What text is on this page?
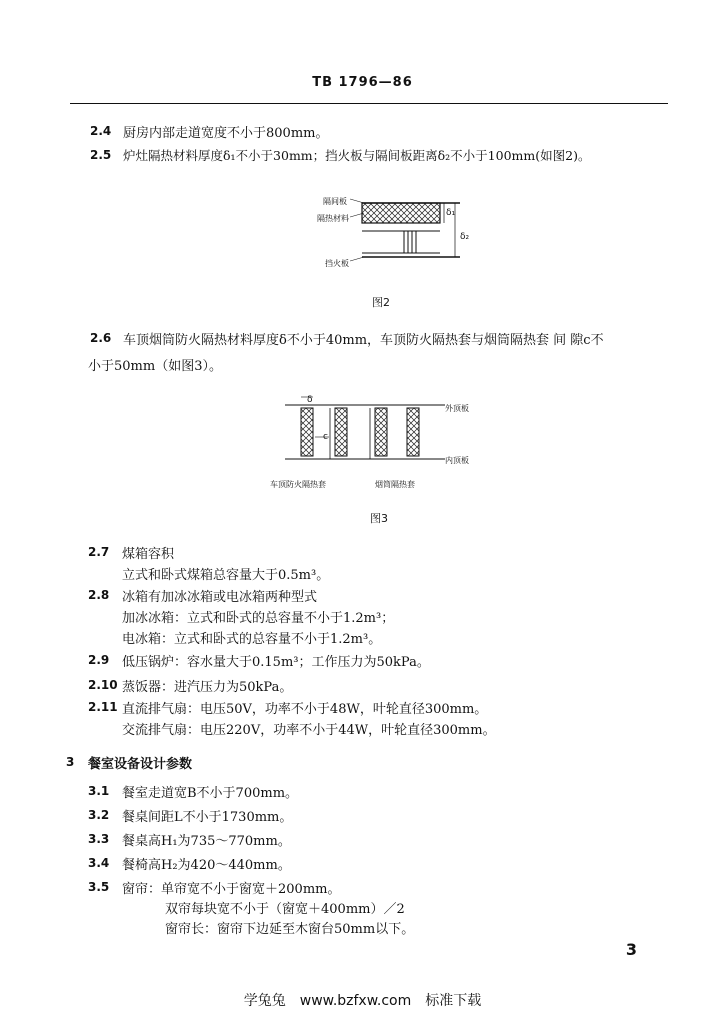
TB 1796—86
2.4 厨房内部走道宽度不小于800mm。
2.5 炉灶隔热材料厚度δ₁不小于30mm；挡火板与隔间板距离δ₂不小于100mm(如图2)。
隔间板
隔热材料
挡火板
δ₁
δ₂
图2
2.6 车顶烟筒防火隔热材料厚度δ不小于40mm，车顶防火隔热套与烟筒隔热套 间 隙c不
小于50mm（如图3）。
δ
c
外顶板
内顶板
车顶防火隔热套	烟筒隔热套
图3
2.7 煤箱容积
立式和卧式煤箱总容量大于0.5m³。
2.8 冰箱有加冰冰箱或电冰箱两种型式
加冰冰箱：立式和卧式的总容量不小于1.2m³；
电冰箱：立式和卧式的总容量不小于1.2m³。
2.9 低压锅炉：容水量大于0.15m³；工作压力为50kPa。
2.10 蒸饭器：进汽压力为50kPa。
2.11 直流排气扇：电压50V，功率不小于48W，叶轮直径300mm。
交流排气扇：电压220V，功率不小于44W，叶轮直径300mm。
3 餐室设备设计参数
3.1 餐室走道宽B不小于700mm。
3.2 餐桌间距L不小于1730mm。
3.3 餐桌高H₁为735～770mm。
3.4 餐椅高H₂为420～440mm。
3.5 窗帘：单帘宽不小于窗宽＋200mm。
双帘每块宽不小于（窗宽＋400mm）／2
窗帘长：窗帘下边延至木窗台50mm以下。
3
学兔兔　www.bzfxw.com　标准下载
